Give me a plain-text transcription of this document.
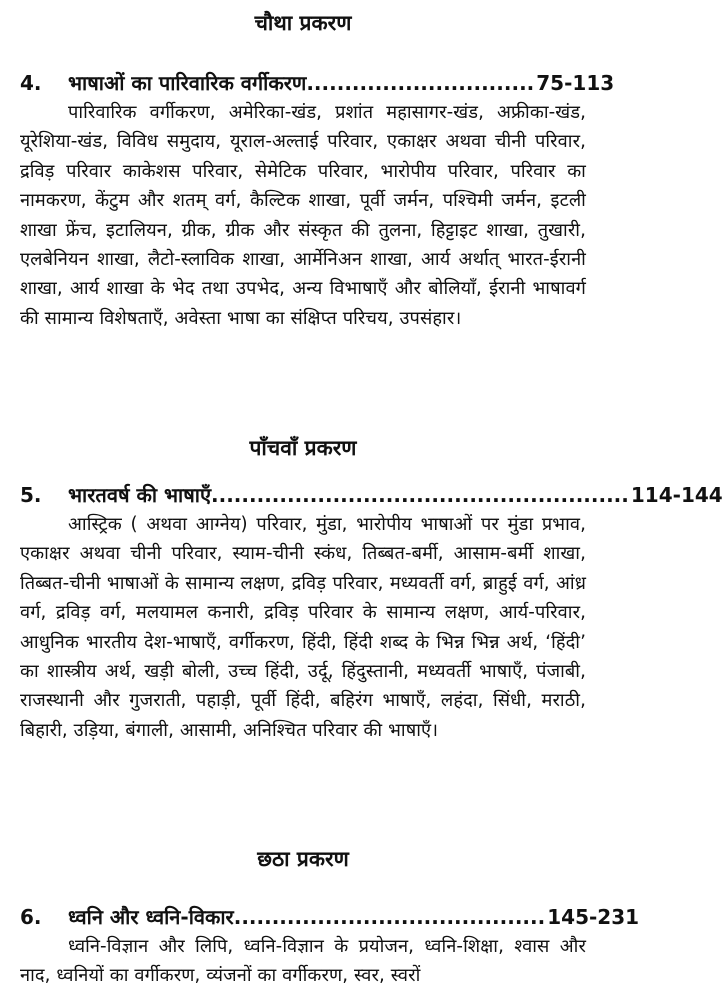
चौथा प्रकरण
4.	भाषाओं का पारिवारिक वर्गीकरण.............................. 75-113

पारिवारिक वर्गीकरण, अमेरिका-खंड, प्रशांत महासागर-खंड, अफ्रीका-खंड, यूरेशिया-खंड, विविध समुदाय, यूराल-अल्ताई परिवार, एकाक्षर अथवा चीनी परिवार, द्रविड़ परिवार काकेशस परिवार, सेमेटिक परिवार, भारोपीय परिवार, परिवार का नामकरण, केंटुम और शतम् वर्ग, कैल्टिक शाखा, पूर्वी जर्मन, पश्चिमी जर्मन, इटली शाखा फ्रेंच, इटालियन, ग्रीक, ग्रीक और संस्कृत की तुलना, हिट्टाइट शाखा, तुखारी, एलबेनियन शाखा, लैटो-स्लाविक शाखा, आर्मेनिअन शाखा, आर्य अर्थात् भारत-ईरानी शाखा, आर्य शाखा के भेद तथा उपभेद, अन्य विभाषाएँ और बोलियाँ, ईरानी भाषावर्ग की सामान्य विशेषताएँ, अवेस्ता भाषा का संक्षिप्त परिचय, उपसंहार।

पाँचवाँ प्रकरण
5.	भारतवर्ष की भाषाएँ....................................................... 114-144

आस्ट्रिक ( अथवा आग्नेय) परिवार, मुंडा, भारोपीय भाषाओं पर मुंडा प्रभाव, एकाक्षर अथवा चीनी परिवार, स्याम-चीनी स्कंध, तिब्बत-बर्मी, आसाम-बर्मी शाखा, तिब्बत-चीनी भाषाओं के सामान्य लक्षण, द्रविड़ परिवार, मध्यवर्ती वर्ग, ब्राहुई वर्ग, आंध्र वर्ग, द्रविड़ वर्ग, मलयामल कनारी, द्रविड़ परिवार के सामान्य लक्षण, आर्य-परिवार, आधुनिक भारतीय देश-भाषाएँ, वर्गीकरण, हिंदी, हिंदी शब्द के भिन्न भिन्न अर्थ, ‘हिंदी’ का शास्त्रीय अर्थ, खड़ी बोली, उच्च हिंदी, उर्दू, हिंदुस्तानी, मध्यवर्ती भाषाएँ, पंजाबी, राजस्थानी और गुजराती, पहाड़ी, पूर्वी हिंदी, बहिरंग भाषाएँ, लहंदा, सिंधी, मराठी, बिहारी, उड़िया, बंगाली, आसामी, अनिश्चित परिवार की भाषाएँ।

छठा प्रकरण
6.	ध्वनि और ध्वनि-विकार......................................... 145-231

ध्वनि-विज्ञान और लिपि, ध्वनि-विज्ञान के प्रयोजन, ध्वनि-शिक्षा, श्वास और नाद, ध्वनियों का वर्गीकरण, व्यंजनों का वर्गीकरण, स्वर, स्वरों
